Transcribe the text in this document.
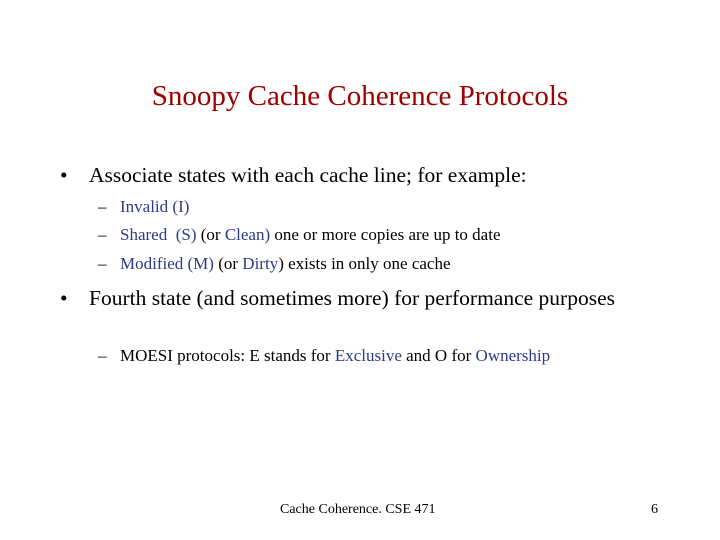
Snoopy Cache Coherence Protocols
• Associate states with each cache line; for example:
– Invalid (I)
– Shared  (S) (or Clean) one or more copies are up to date
– Modified (M) (or Dirty) exists in only one cache
• Fourth state (and sometimes more) for performance purposes
– MOESI protocols: E stands for Exclusive and O for Ownership
Cache Coherence. CSE 471	6
